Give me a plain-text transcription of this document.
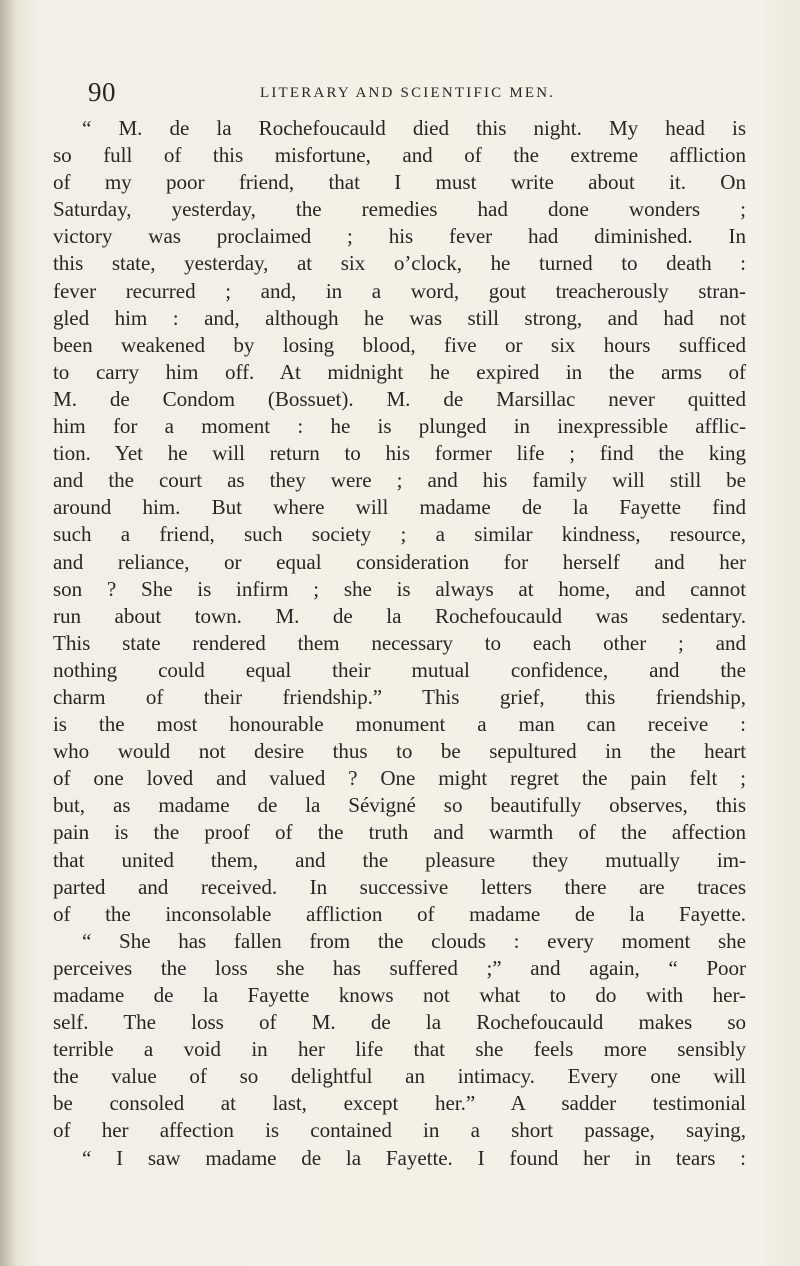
90	LITERARY AND SCIENTIFIC MEN.
“ M. de la Rochefoucauld died this night. My head is
so full of this misfortune, and of the extreme affliction
of my poor friend, that I must write about it. On
Saturday, yesterday, the remedies had done wonders ;
victory was proclaimed ; his fever had diminished. In
this state, yesterday, at six o’clock, he turned to death :
fever recurred ; and, in a word, gout treacherously stran-
gled him : and, although he was still strong, and had not
been weakened by losing blood, five or six hours sufficed
to carry him off. At midnight he expired in the arms of
M. de Condom (Bossuet). M. de Marsillac never quitted
him for a moment : he is plunged in inexpressible afflic-
tion. Yet he will return to his former life ; find the king
and the court as they were ; and his family will still be
around him. But where will madame de la Fayette find
such a friend, such society ; a similar kindness, resource,
and reliance, or equal consideration for herself and her
son ? She is infirm ; she is always at home, and cannot
run about town. M. de la Rochefoucauld was sedentary.
This state rendered them necessary to each other ; and
nothing could equal their mutual confidence, and the
charm of their friendship.” This grief, this friendship,
is the most honourable monument a man can receive :
who would not desire thus to be sepultured in the heart
of one loved and valued ? One might regret the pain felt ;
but, as madame de la Sévigné so beautifully observes, this
pain is the proof of the truth and warmth of the affection
that united them, and the pleasure they mutually im-
parted and received. In successive letters there are traces
of the inconsolable affliction of madame de la Fayette.
“ She has fallen from the clouds : every moment she
perceives the loss she has suffered ;” and again, “ Poor
madame de la Fayette knows not what to do with her-
self. The loss of M. de la Rochefoucauld makes so
terrible a void in her life that she feels more sensibly
the value of so delightful an intimacy. Every one will
be consoled at last, except her.” A sadder testimonial
of her affection is contained in a short passage, saying,
“ I saw madame de la Fayette. I found her in tears :
